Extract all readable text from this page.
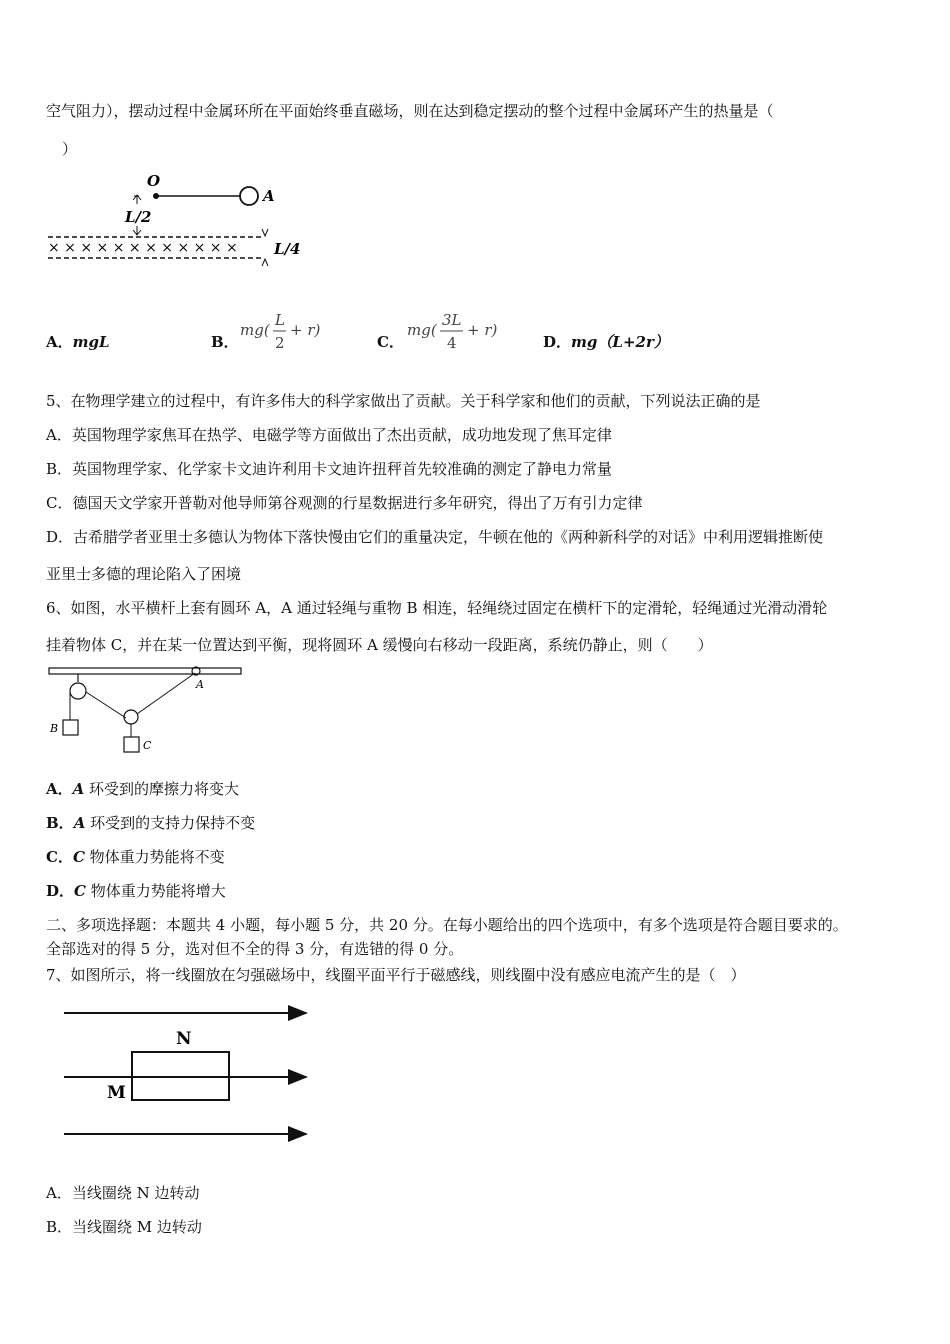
空气阻力），摆动过程中金属环所在平面始终垂直磁场，则在达到稳定摆动的整个过程中金属环产生的热量是（
）
O
A
L/2
× × × × × × × × × × × × L/4
A．mgL	B．
mg(
L
2
+ r)
C．
mg(
3L
4
+ r)
D．mg（L+2r）
5、在物理学建立的过程中，有许多伟大的科学家做出了贡献。关于科学家和他们的贡献，下列说法正确的是
A．英国物理学家焦耳在热学、电磁学等方面做出了杰出贡献，成功地发现了焦耳定律
B．英国物理学家、化学家卡文迪许利用卡文迪许扭秤首先较准确的测定了静电力常量
C．德国天文学家开普勒对他导师第谷观测的行星数据进行多年研究，得出了万有引力定律
D．古希腊学者亚里士多德认为物体下落快慢由它们的重量决定，牛顿在他的《两种新科学的对话》中利用逻辑推断使
亚里士多德的理论陷入了困境
6、如图，水平横杆上套有圆环 A，A 通过轻绳与重物 B 相连，轻绳绕过固定在横杆下的定滑轮，轻绳通过光滑动滑轮
挂着物体 C，并在某一位置达到平衡，现将圆环 A 缓慢向右移动一段距离，系统仍静止，则（　　）
B
A
C
A．A 环受到的摩擦力将变大
B．A 环受到的支持力保持不变
C．C 物体重力势能将不变
D．C 物体重力势能将增大
二、多项选择题：本题共 4 小题，每小题 5 分，共 20 分。在每小题给出的四个选项中，有多个选项是符合题目要求的。
全部选对的得 5 分，选对但不全的得 3 分，有选错的得 0 分。
7、如图所示，将一线圈放在匀强磁场中，线圈平面平行于磁感线，则线圈中没有感应电流产生的是（　）
N
M
A．当线圈绕 N 边转动
B．当线圈绕 M 边转动
